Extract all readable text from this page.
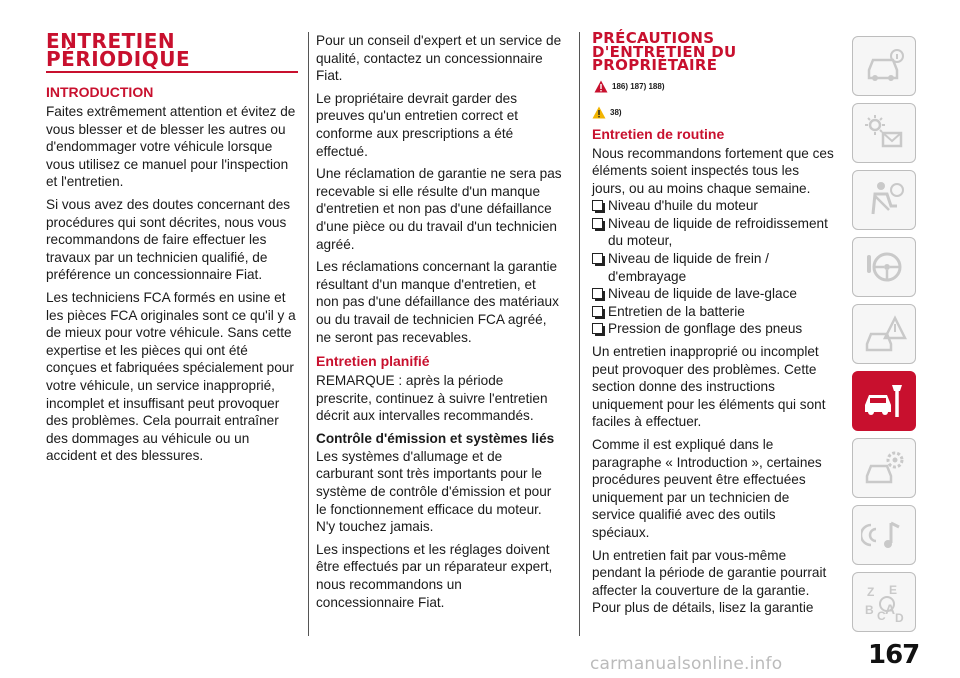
ENTRETIEN
PÉRIODIQUE
INTRODUCTION

Faites extrêmement attention et évitez de vous blesser et de blesser les autres ou d'endommager votre véhicule lorsque vous utilisez ce manuel pour l'inspection et l'entretien.

Si vous avez des doutes concernant des procédures qui sont décrites, nous vous recommandons de faire effectuer les travaux par un technicien qualifié, de préférence un concessionnaire Fiat.

Les techniciens FCA formés en usine et les pièces FCA originales sont ce qu'il y a de mieux pour votre véhicule. Sans cette expertise et les pièces qui ont été conçues et fabriquées spécialement pour votre véhicule, un service inapproprié, incomplet et insuffisant peut provoquer des problèmes. Cela pourrait entraîner des dommages au véhicule ou un accident et des blessures.

Pour un conseil d'expert et un service de qualité, contactez un concessionnaire Fiat.

Le propriétaire devrait garder des preuves qu'un entretien correct et conforme aux prescriptions a été effectué.

Une réclamation de garantie ne sera pas recevable si elle résulte d'un manque d'entretien et non pas d'une défaillance d'une pièce ou du travail d'un technicien agréé.

Les réclamations concernant la garantie résultant d'un manque d'entretien, et non pas d'une défaillance des matériaux ou du travail de technicien FCA agréé, ne seront pas recevables.

Entretien planifié

REMARQUE : après la période prescrite, continuez à suivre l'entretien décrit aux intervalles recommandés.

Contrôle d'émission et systèmes liés

Les systèmes d'allumage et de carburant sont très importants pour le système de contrôle d'émission et pour le fonctionnement efficace du moteur. N'y touchez jamais.

Les inspections et les réglages doivent être effectués par un réparateur expert, nous recommandons un concessionnaire Fiat.

PRÉCAUTIONS
D'ENTRETIEN DU
PROPRIÉTAIRE
186) 187) 188)
38)
Entretien de routine

Nous recommandons fortement que ces éléments soient inspectés tous les jours, ou au moins chaque semaine.

Niveau d'huile du moteur
Niveau de liquide de refroidissement du moteur,
Niveau de liquide de frein / d'embrayage
Niveau de liquide de lave-glace
Entretien de la batterie
Pression de gonflage des pneus

Un entretien inapproprié ou incomplet peut provoquer des problèmes. Cette section donne des instructions uniquement pour les éléments qui sont faciles à effectuer.

Comme il est expliqué dans le paragraphe « Introduction », certaines procédures peuvent être effectuées uniquement par un technicien de service qualifié avec des outils spéciaux.

Un entretien fait par vous-même pendant la période de garantie pourrait affecter la couverture de la garantie. Pour plus de détails, lisez la garantie

Z E
B C A
D
167
carmanualsonline.info
